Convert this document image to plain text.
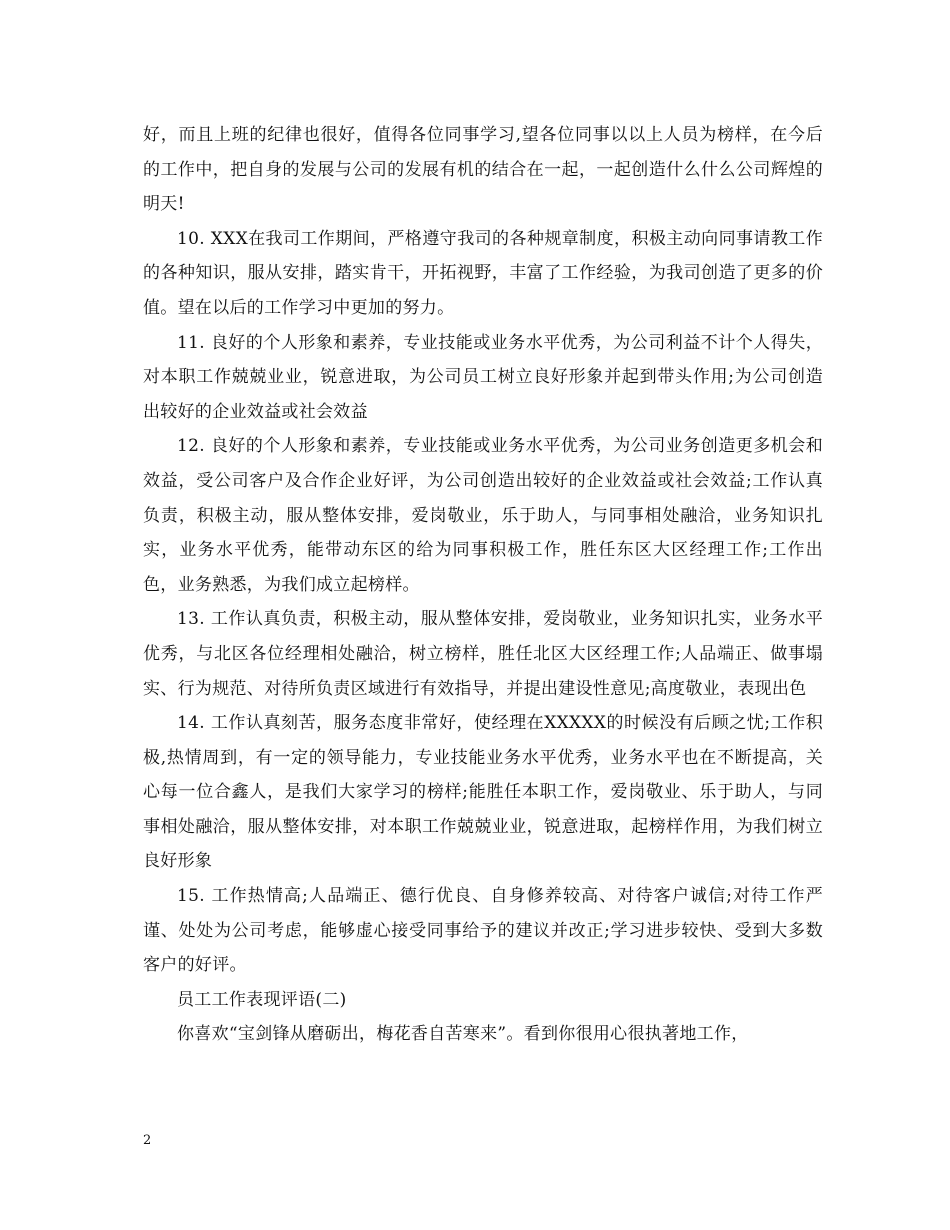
好，而且上班的纪律也很好，值得各位同事学习,望各位同事以以上人员为榜样，在今后的工作中，把自身的发展与公司的发展有机的结合在一起，一起创造什么什么公司辉煌的明天!

10. XXX在我司工作期间，严格遵守我司的各种规章制度，积极主动向同事请教工作的各种知识，服从安排，踏实肯干，开拓视野，丰富了工作经验，为我司创造了更多的价值。望在以后的工作学习中更加的努力。

11. 良好的个人形象和素养，专业技能或业务水平优秀，为公司利益不计个人得失，对本职工作兢兢业业，锐意进取，为公司员工树立良好形象并起到带头作用;为公司创造出较好的企业效益或社会效益

12. 良好的个人形象和素养，专业技能或业务水平优秀，为公司业务创造更多机会和效益，受公司客户及合作企业好评，为公司创造出较好的企业效益或社会效益;工作认真负责，积极主动，服从整体安排，爱岗敬业，乐于助人，与同事相处融洽，业务知识扎实，业务水平优秀，能带动东区的给为同事积极工作，胜任东区大区经理工作;工作出色，业务熟悉，为我们成立起榜样。

13. 工作认真负责，积极主动，服从整体安排，爱岗敬业，业务知识扎实，业务水平优秀，与北区各位经理相处融洽，树立榜样，胜任北区大区经理工作;人品端正、做事塌实、行为规范、对待所负责区域进行有效指导，并提出建设性意见;高度敬业，表现出色

14. 工作认真刻苦，服务态度非常好，使经理在XXXXX的时候没有后顾之忧;工作积极,热情周到，有一定的领导能力，专业技能业务水平优秀，业务水平也在不断提高，关心每一位合鑫人，是我们大家学习的榜样;能胜任本职工作，爱岗敬业、乐于助人，与同事相处融洽，服从整体安排，对本职工作兢兢业业，锐意进取，起榜样作用，为我们树立良好形象

15. 工作热情高;人品端正、德行优良、自身修养较高、对待客户诚信;对待工作严谨、处处为公司考虑，能够虚心接受同事给予的建议并改正;学习进步较快、受到大多数客户的好评。

员工工作表现评语(二)

你喜欢“宝剑锋从磨砺出，梅花香自苦寒来”。看到你很用心很执著地工作，

2
